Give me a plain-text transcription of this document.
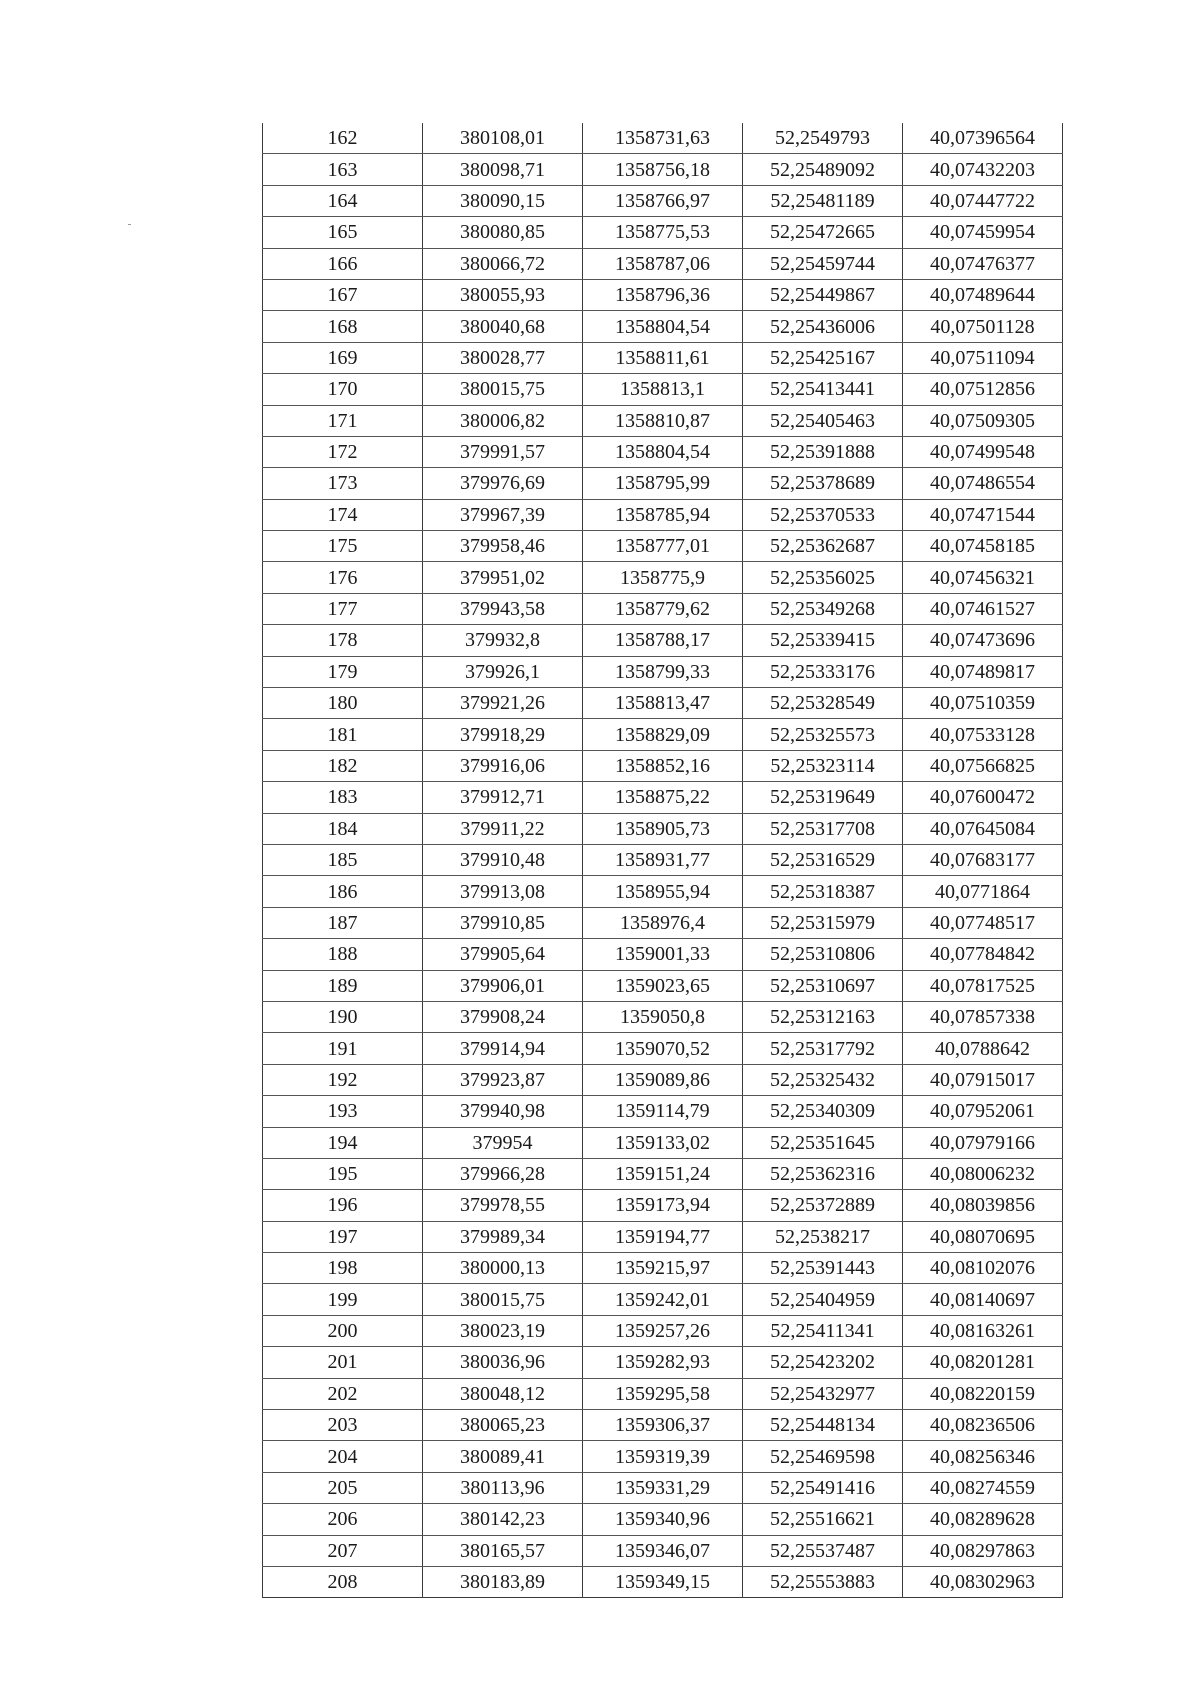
162	380108,01	1358731,63	52,2549793	40,07396564
163	380098,71	1358756,18	52,25489092	40,07432203
164	380090,15	1358766,97	52,25481189	40,07447722
165	380080,85	1358775,53	52,25472665	40,07459954
166	380066,72	1358787,06	52,25459744	40,07476377
167	380055,93	1358796,36	52,25449867	40,07489644
168	380040,68	1358804,54	52,25436006	40,07501128
169	380028,77	1358811,61	52,25425167	40,07511094
170	380015,75	1358813,1	52,25413441	40,07512856
171	380006,82	1358810,87	52,25405463	40,07509305
172	379991,57	1358804,54	52,25391888	40,07499548
173	379976,69	1358795,99	52,25378689	40,07486554
174	379967,39	1358785,94	52,25370533	40,07471544
175	379958,46	1358777,01	52,25362687	40,07458185
176	379951,02	1358775,9	52,25356025	40,07456321
177	379943,58	1358779,62	52,25349268	40,07461527
178	379932,8	1358788,17	52,25339415	40,07473696
179	379926,1	1358799,33	52,25333176	40,07489817
180	379921,26	1358813,47	52,25328549	40,07510359
181	379918,29	1358829,09	52,25325573	40,07533128
182	379916,06	1358852,16	52,25323114	40,07566825
183	379912,71	1358875,22	52,25319649	40,07600472
184	379911,22	1358905,73	52,25317708	40,07645084
185	379910,48	1358931,77	52,25316529	40,07683177
186	379913,08	1358955,94	52,25318387	40,0771864
187	379910,85	1358976,4	52,25315979	40,07748517
188	379905,64	1359001,33	52,25310806	40,07784842
189	379906,01	1359023,65	52,25310697	40,07817525
190	379908,24	1359050,8	52,25312163	40,07857338
191	379914,94	1359070,52	52,25317792	40,0788642
192	379923,87	1359089,86	52,25325432	40,07915017
193	379940,98	1359114,79	52,25340309	40,07952061
194	379954	1359133,02	52,25351645	40,07979166
195	379966,28	1359151,24	52,25362316	40,08006232
196	379978,55	1359173,94	52,25372889	40,08039856
197	379989,34	1359194,77	52,2538217	40,08070695
198	380000,13	1359215,97	52,25391443	40,08102076
199	380015,75	1359242,01	52,25404959	40,08140697
200	380023,19	1359257,26	52,25411341	40,08163261
201	380036,96	1359282,93	52,25423202	40,08201281
202	380048,12	1359295,58	52,25432977	40,08220159
203	380065,23	1359306,37	52,25448134	40,08236506
204	380089,41	1359319,39	52,25469598	40,08256346
205	380113,96	1359331,29	52,25491416	40,08274559
206	380142,23	1359340,96	52,25516621	40,08289628
207	380165,57	1359346,07	52,25537487	40,08297863
208	380183,89	1359349,15	52,25553883	40,08302963
